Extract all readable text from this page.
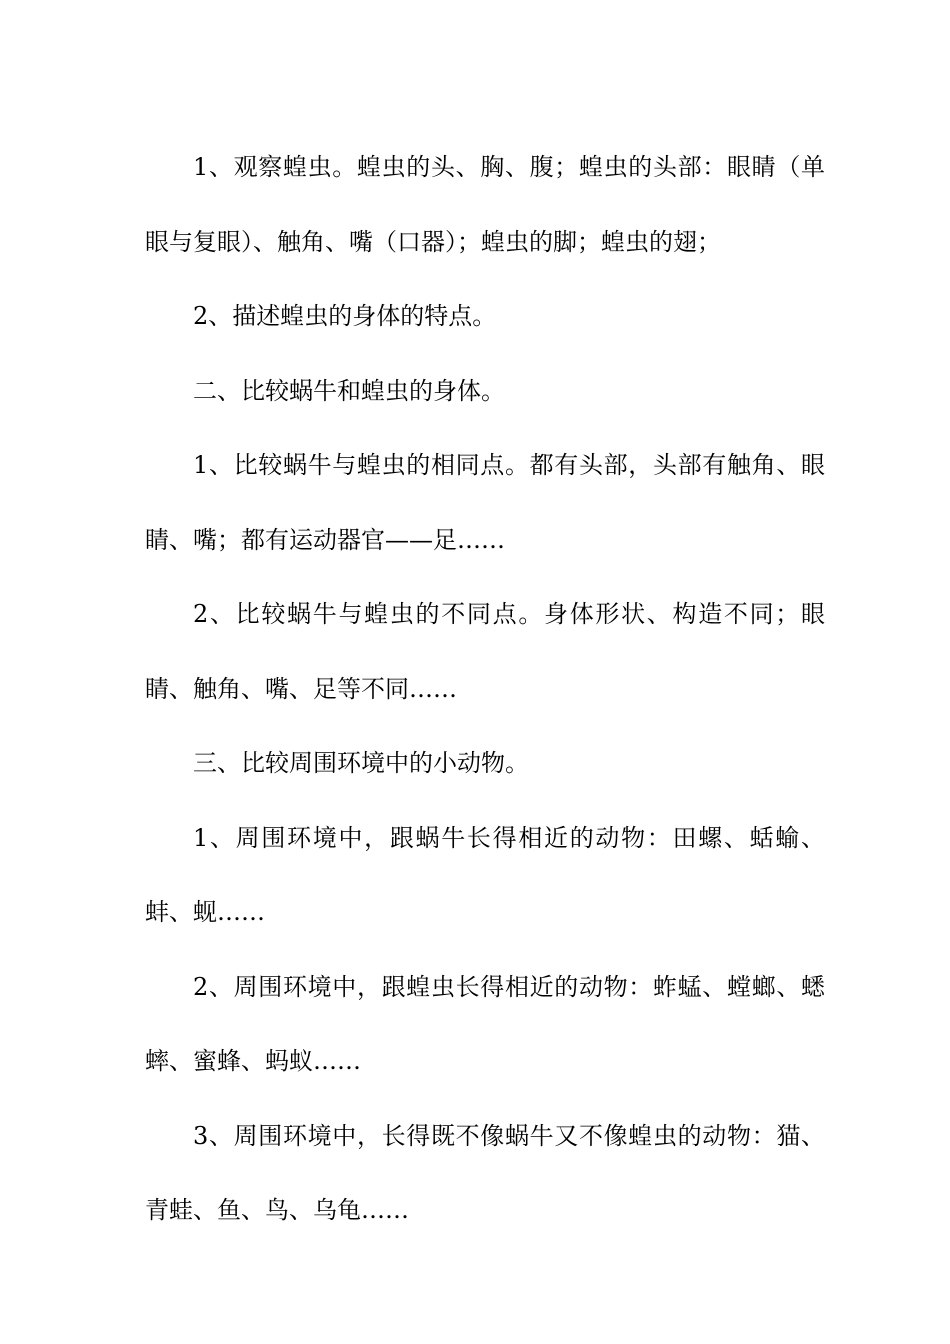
1、观察蝗虫。蝗虫的头、胸、腹；蝗虫的头部：眼睛（单眼与复眼）、触角、嘴（口器）；蝗虫的脚；蝗虫的翅；

2、描述蝗虫的身体的特点。

二、比较蜗牛和蝗虫的身体。

1、比较蜗牛与蝗虫的相同点。都有头部，头部有触角、眼睛、嘴；都有运动器官——足……

2、比较蜗牛与蝗虫的不同点。身体形状、构造不同；眼睛、触角、嘴、足等不同……

三、比较周围环境中的小动物。

1、周围环境中，跟蜗牛长得相近的动物：田螺、蛞蝓、蚌、蚬……

2、周围环境中，跟蝗虫长得相近的动物：蚱蜢、螳螂、蟋蟀、蜜蜂、蚂蚁……

3、周围环境中，长得既不像蜗牛又不像蝗虫的动物：猫、青蛙、鱼、鸟、乌龟……
